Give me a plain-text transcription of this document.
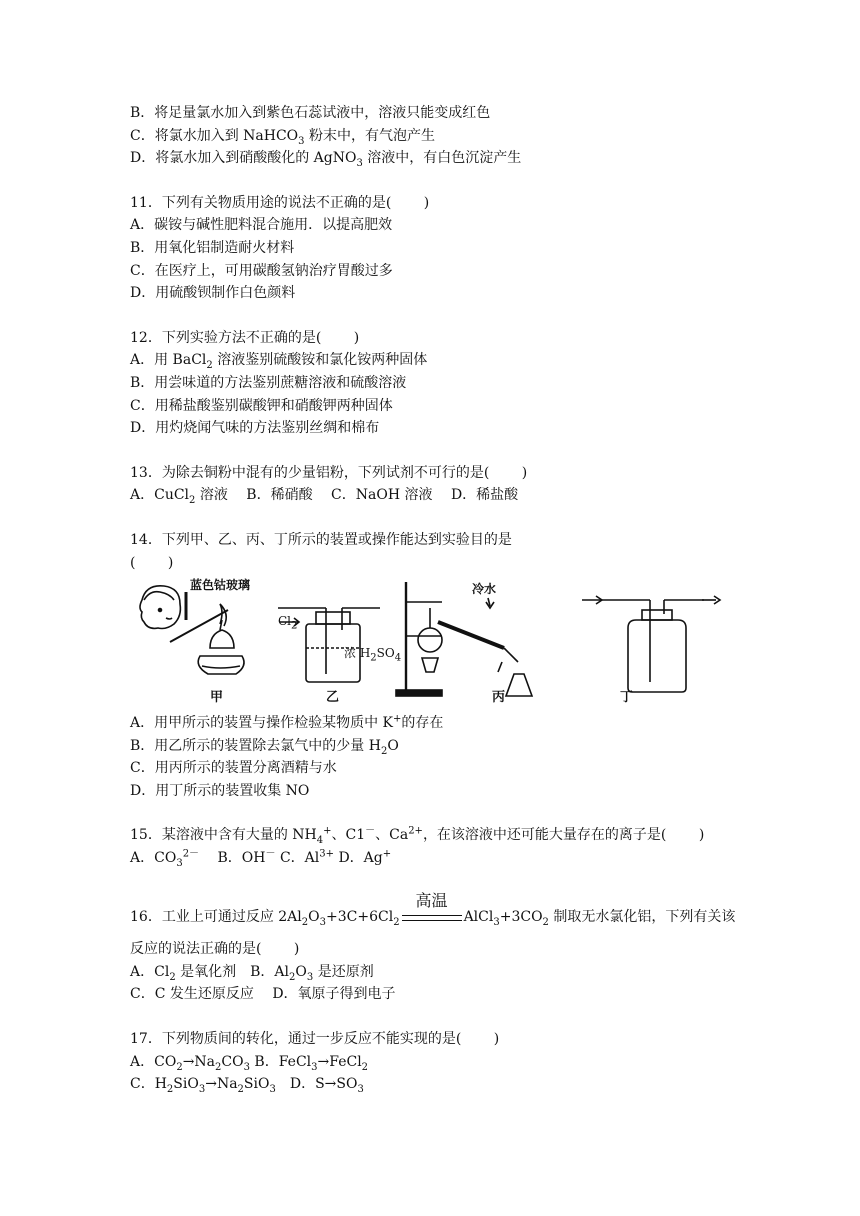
B．将足量氯水加入到紫色石蕊试液中，溶液只能变成红色
C．将氯水加入到 NaHCO$_3$ 粉末中，有气泡产生
D．将氯水加入到硝酸酸化的 AgNO$_3$ 溶液中，有白色沉淀产生
11．下列有关物质用途的说法不正确的是(　　 )
A．碳铵与碱性肥料混合施用．以提高肥效
B．用氧化铝制造耐火材料
C．在医疗上，可用碳酸氢钠治疗胃酸过多
D．用硫酸钡制作白色颜料
12．下列实验方法不正确的是(　　 )
A．用 BaCl$_2$ 溶液鉴别硫酸铵和氯化铵两种固体
B．用尝味道的方法鉴别蔗糖溶液和硫酸溶液
C．用稀盐酸鉴别碳酸钾和硝酸钾两种固体
D．用灼烧闻气味的方法鉴别丝绸和棉布
13．为除去铜粉中混有的少量铝粉，下列试剂不可行的是(　　 )
A．CuCl$_2$ 溶液　 B．稀硝酸　 C．NaOH 溶液　 D．稀盐酸
14．下列甲、乙、丙、丁所示的装置或操作能达到实验目的是
(　　 )
蓝色钴玻璃
$Cl_2$
浓 $H_2SO_4$
冷水
甲	乙	丙	丁
A．用甲所示的装置与操作检验某物质中 K+的存在
B．用乙所示的装置除去氯气中的少量 $H_2O$
C．用丙所示的装置分离酒精与水
D．用丁所示的装置收集 NO
15．某溶液中含有大量的 $NH_4^+$、C1－、$Ca^{2+}$，在该溶液中还可能大量存在的离子是(　　 )
A．$CO_3^{2-}$　 B．OH－ C．$Al^{3+}$ D．Ag+
16．工业上可通过反应 $2Al_2O_3+3C+6Cl_2$
高温
$AlCl_3+3CO_2$ 制取无水氯化铝，下列有关该
反应的说法正确的是(　　 )
A．$Cl_2$ 是氧化剂　B．$Al_2O_3$ 是还原剂
C．C 发生还原反应　 D．氧原子得到电子
17．下列物质间的转化，通过一步反应不能实现的是(　　 )
A．$CO_2\to Na_2CO_3$ B．FeCl$_3$→FeCl$_2$
C．$H_2SiO_3\to Na_2SiO_3$　D．$S\to SO_3$
